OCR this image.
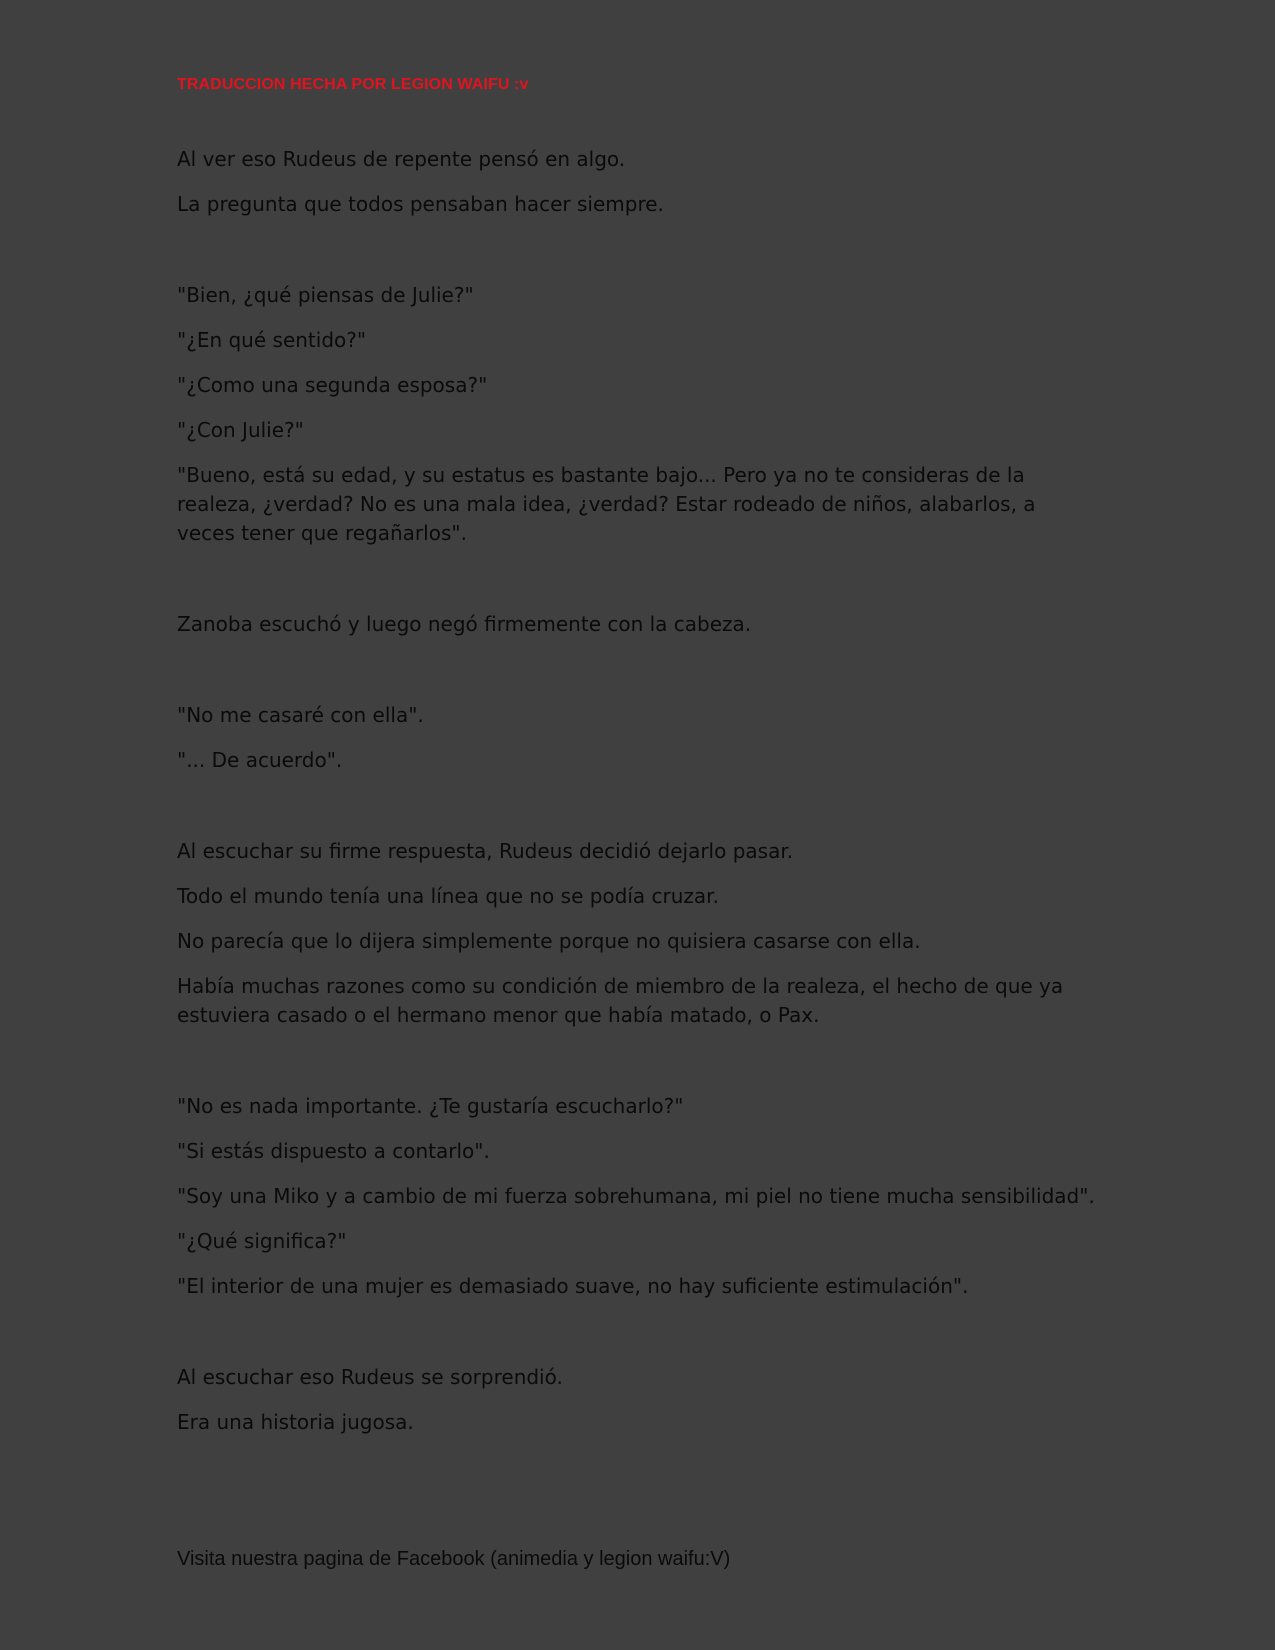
TRADUCCION HECHA POR LEGION WAIFU :v

Al ver eso Rudeus de repente pensó en algo.

La pregunta que todos pensaban hacer siempre.

"Bien, ¿qué piensas de Julie?"

"¿En qué sentido?"

"¿Como una segunda esposa?"

"¿Con Julie?"

"Bueno, está su edad, y su estatus es bastante bajo... Pero ya no te consideras de la realeza, ¿verdad? No es una mala idea, ¿verdad? Estar rodeado de niños, alabarlos, a veces tener que regañarlos".

Zanoba escuchó y luego negó firmemente con la cabeza.

"No me casaré con ella".

"... De acuerdo".

Al escuchar su firme respuesta, Rudeus decidió dejarlo pasar.

Todo el mundo tenía una línea que no se podía cruzar.

No parecía que lo dijera simplemente porque no quisiera casarse con ella.

Había muchas razones como su condición de miembro de la realeza, el hecho de que ya estuviera casado o el hermano menor que había matado, o Pax.

"No es nada importante. ¿Te gustaría escucharlo?"

"Si estás dispuesto a contarlo".

"Soy una Miko y a cambio de mi fuerza sobrehumana, mi piel no tiene mucha sensibilidad".

"¿Qué significa?"

"El interior de una mujer es demasiado suave, no hay suficiente estimulación".

Al escuchar eso Rudeus se sorprendió.

Era una historia jugosa.

Visita nuestra pagina de Facebook (animedia y legion waifu:V)
